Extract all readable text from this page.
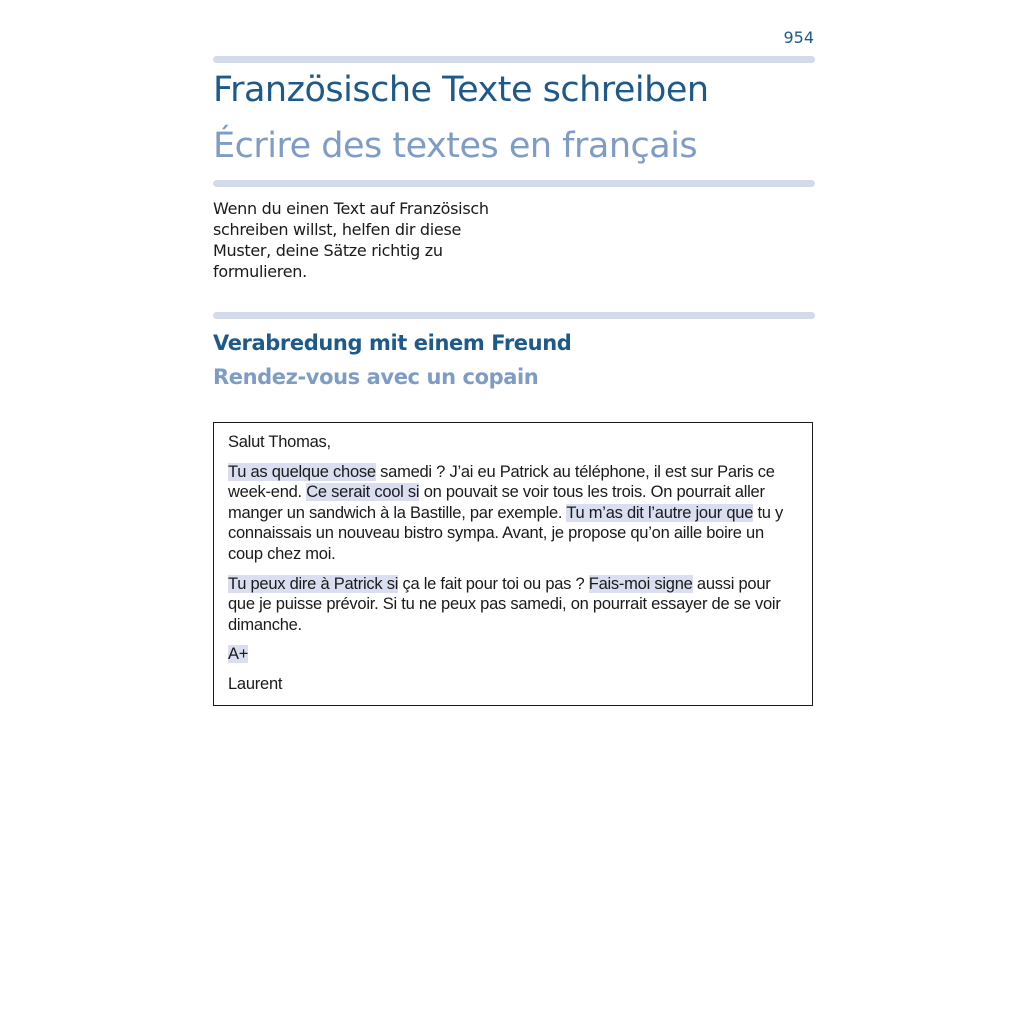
954
Französische Texte schreiben
Écrire des textes en français
Wenn du einen Text auf Französisch schreiben willst, helfen dir diese Muster, deine Sätze richtig zu formulieren.
Verabredung mit einem Freund
Rendez-vous avec un copain

Salut Thomas,

Tu as quelque chose samedi ? J’ai eu Patrick au téléphone, il est sur Paris ce week-end. Ce serait cool si on pouvait se voir tous les trois. On pourrait aller manger un sandwich à la Bastille, par exemple. Tu m’as dit l’autre jour que tu y connaissais un nouveau bistro sympa. Avant, je propose qu’on aille boire un coup chez moi.

Tu peux dire à Patrick si ça le fait pour toi ou pas ? Fais-moi signe aussi pour que je puisse prévoir. Si tu ne peux pas samedi, on pourrait essayer de se voir dimanche.

A+

Laurent
